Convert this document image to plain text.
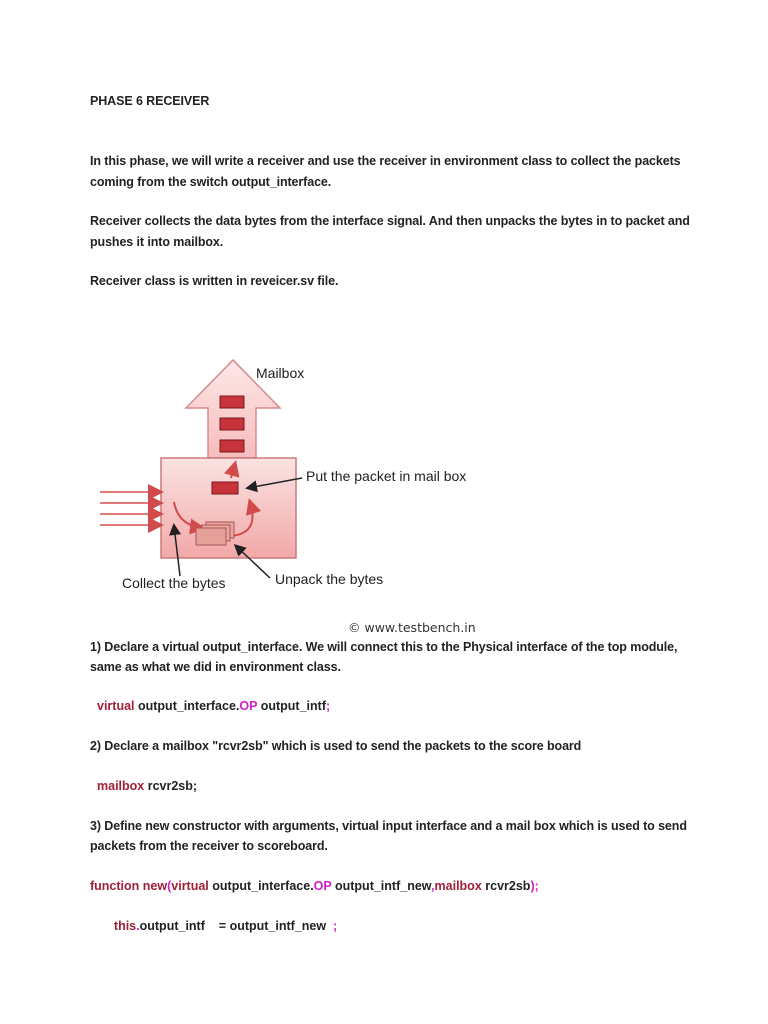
PHASE 6 RECEIVER
In this phase, we will write a receiver and use the receiver in environment class to collect the packets
coming from the switch output_interface.
Receiver collects the data bytes from the interface signal. And then unpacks the bytes in to packet and
pushes it into mailbox.
Receiver class is written in reveicer.sv file.
Mailbox
Put the packet in mail box
Collect the bytes	Unpack the bytes
© www.testbench.in
1) Declare a virtual output_interface. We will connect this to the Physical interface of the top module,
same as what we did in environment class.
virtual output_interface.OP output_intf;
2) Declare a mailbox "rcvr2sb" which is used to send the packets to the score board
mailbox rcvr2sb;
3) Define new constructor with arguments, virtual input interface and a mail box which is used to send
packets from the receiver to scoreboard.
function new(virtual output_interface.OP output_intf_new,mailbox rcvr2sb);

this.output_intf = output_intf_new  ;
